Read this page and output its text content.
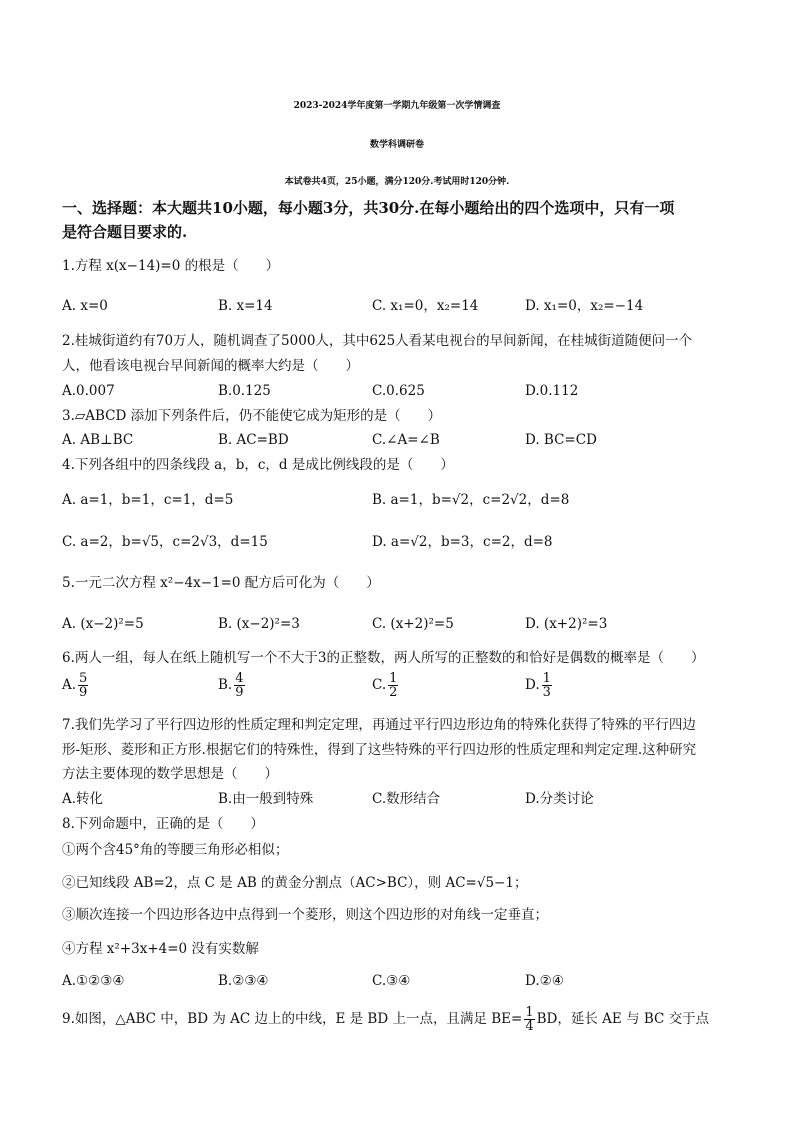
2023-2024学年度第一学期九年级第一次学情调查
数学科调研卷
本试卷共4页，25小题，满分120分.考试用时120分钟.
一、选择题：本大题共10小题，每小题3分，共30分.在每小题给出的四个选项中，只有一项
是符合题目要求的.
1.方程 x(x−14)=0 的根是（　　）
A. x=0	B. x=14	C. x₁=0，x₂=14	D. x₁=0，x₂=−14
2.桂城街道约有70万人，随机调查了5000人，其中625人看某电视台的早间新闻，在桂城街道随便问一个
人，他看该电视台早间新闻的概率大约是（　　）
A.0.007	B.0.125	C.0.625	D.0.112
3.▱ABCD 添加下列条件后，仍不能使它成为矩形的是（　　）
A. AB⊥BC	B. AC=BD	C.∠A=∠B	D. BC=CD
4.下列各组中的四条线段 a，b，c，d 是成比例线段的是（　　）
A. a=1，b=1，c=1，d=5	B. a=1，b=√2，c=2√2，d=8
C. a=2，b=√5，c=2√3，d=15	D. a=√2，b=3，c=2，d=8
5.一元二次方程 x²−4x−1=0 配方后可化为（　　）
A. (x−2)²=5	B. (x−2)²=3	C. (x+2)²=5	D. (x+2)²=3
6.两人一组，每人在纸上随机写一个不大于3的正整数，两人所写的正整数的和恰好是偶数的概率是（　　）
A. $\frac{5}{9}$	B. $\frac{4}{9}$	C. $\frac{1}{2}$	D. $\frac{1}{3}$
7.我们先学习了平行四边形的性质定理和判定定理，再通过平行四边形边角的特殊化获得了特殊的平行四边
形-矩形、菱形和正方形.根据它们的特殊性，得到了这些特殊的平行四边形的性质定理和判定定理.这种研究
方法主要体现的数学思想是（　　）
A.转化	B.由一般到特殊	C.数形结合	D.分类讨论
8.下列命题中，正确的是（　　）
①两个含45°角的等腰三角形必相似；
②已知线段 AB=2，点 C 是 AB 的黄金分割点（AC>BC），则 AC=√5−1；
③顺次连接一个四边形各边中点得到一个菱形，则这个四边形的对角线一定垂直；
④方程 x²+3x+4=0 没有实数解
A.①②③④	B.②③④	C.③④	D.②④
9.如图，△ABC 中，BD 为 AC 边上的中线，E 是 BD 上一点，且满足 $BE= \frac{1}{4}$ BD，延长 AE 与 BC 交于点
